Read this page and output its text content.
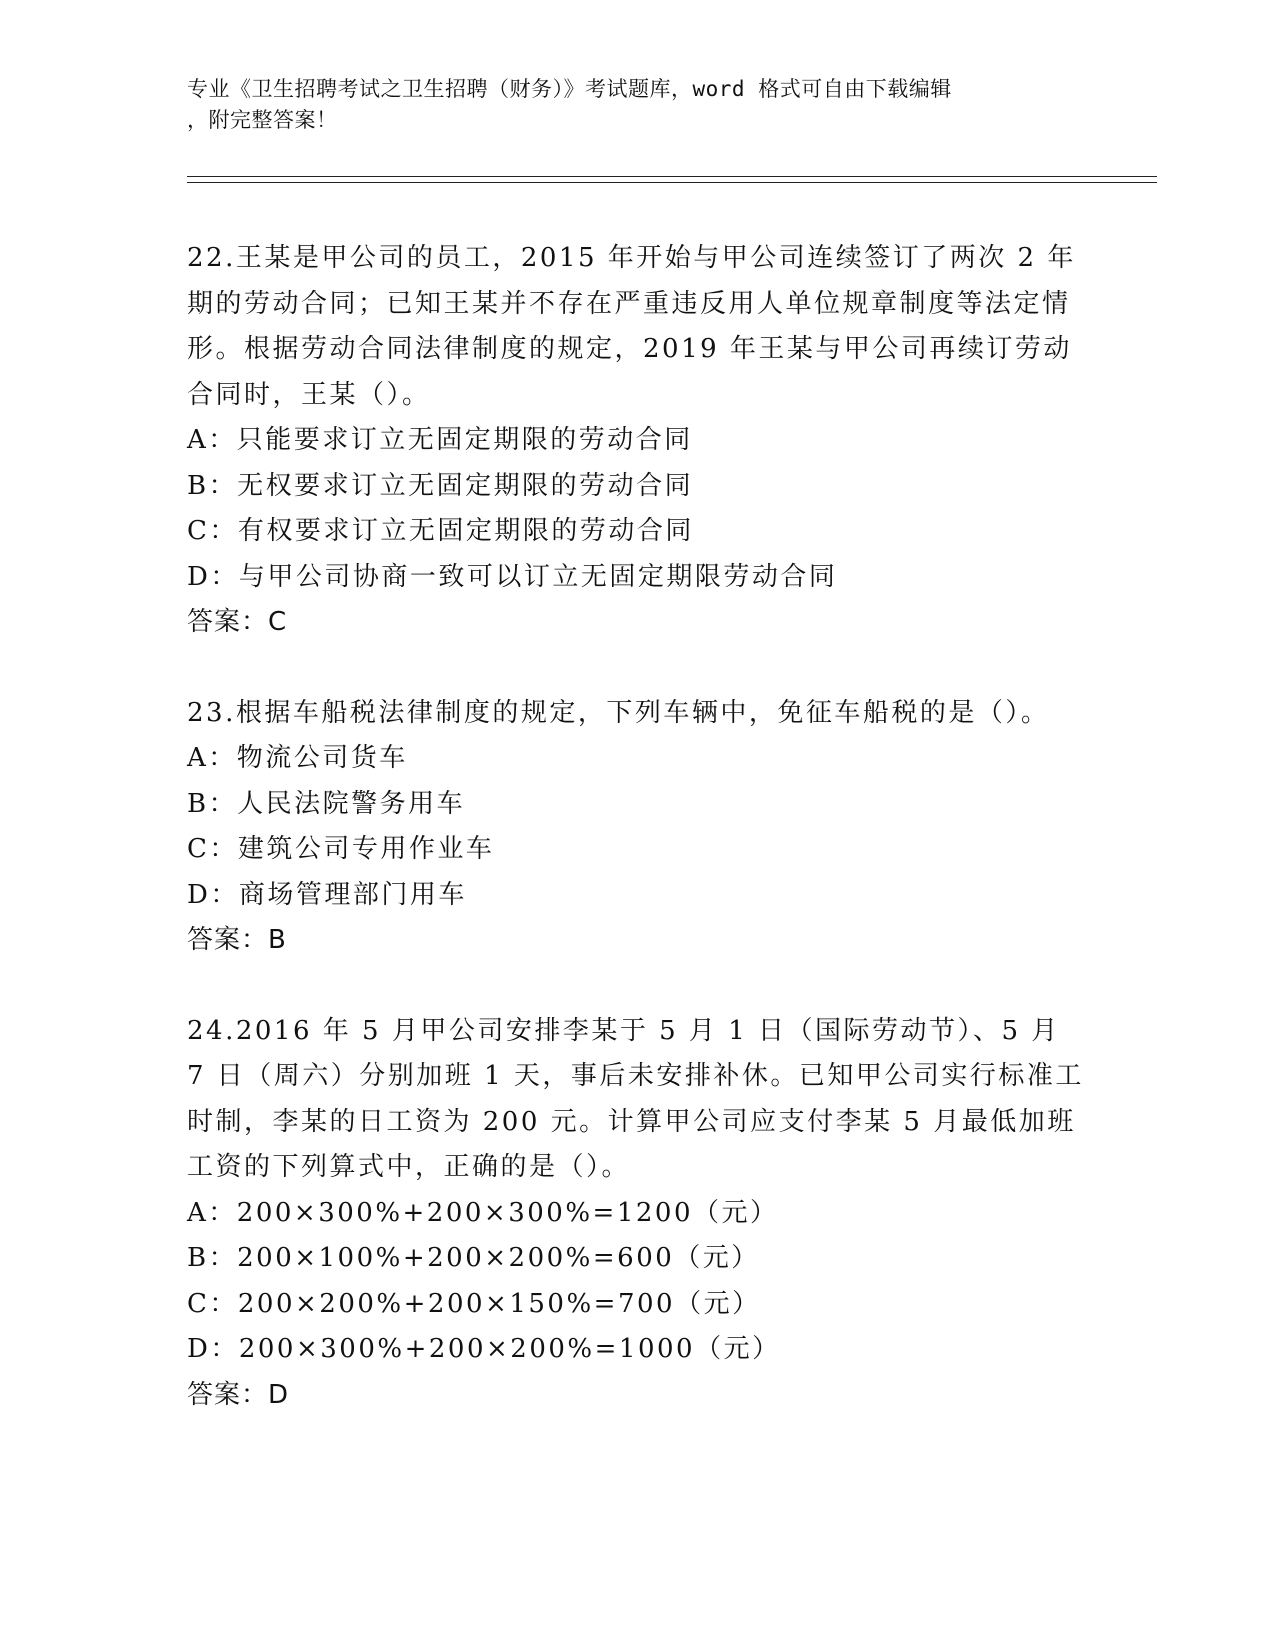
专业《卫生招聘考试之卫生招聘（财务）》考试题库，word 格式可自由下载编辑
，附完整答案！

22.王某是甲公司的员工，2015 年开始与甲公司连续签订了两次 2 年期的劳动合同；已知王某并不存在严重违反用人单位规章制度等法定情形。根据劳动合同法律制度的规定，2019 年王某与甲公司再续订劳动合同时，王某（）。

A：只能要求订立无固定期限的劳动合同

B：无权要求订立无固定期限的劳动合同

C：有权要求订立无固定期限的劳动合同

D：与甲公司协商一致可以订立无固定期限劳动合同

答案：C

23.根据车船税法律制度的规定，下列车辆中，免征车船税的是（）。

A：物流公司货车

B：人民法院警务用车

C：建筑公司专用作业车

D：商场管理部门用车

答案：B

24.2016 年 5 月甲公司安排李某于 5 月 1 日（国际劳动节）、5 月 7 日（周六）分别加班 1 天，事后未安排补休。已知甲公司实行标准工时制，李某的日工资为 200 元。计算甲公司应支付李某 5 月最低加班工资的下列算式中，正确的是（）。

A：200×300%+200×300%=1200（元）

B：200×100%+200×200%=600（元）

C：200×200%+200×150%=700（元）

D：200×300%+200×200%=1000（元）

答案：D
